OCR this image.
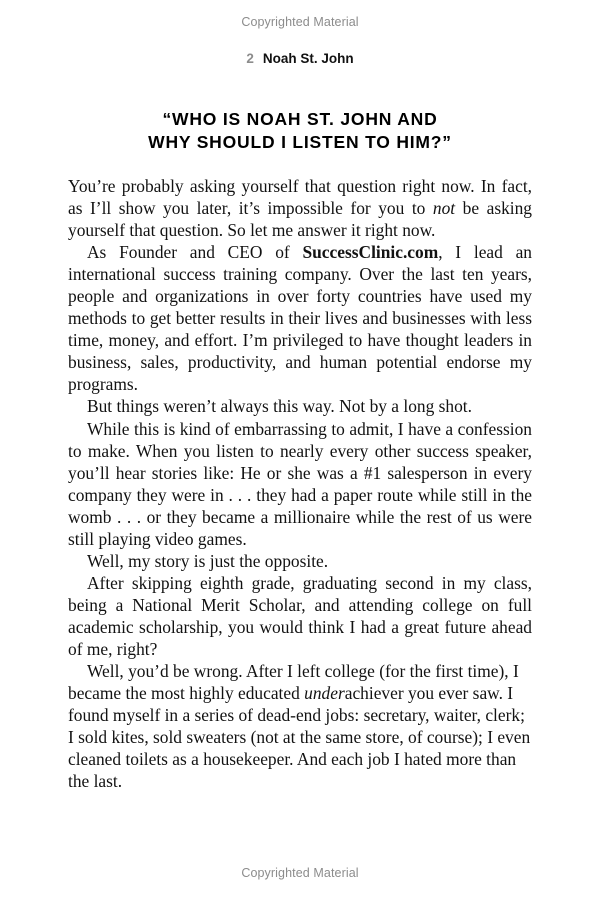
Copyrighted Material
2 Noah St. John
“WHO IS NOAH ST. JOHN AND
WHY SHOULD I LISTEN TO HIM?”

You’re probably asking yourself that question right now. In fact, as I’ll show you later, it’s impossible for you to not be asking yourself that question. So let me answer it right now.

As Founder and CEO of SuccessClinic.com, I lead an international success training company. Over the last ten years, people and organizations in over forty countries have used my methods to get better results in their lives and businesses with less time, money, and effort. I’m privileged to have thought leaders in business, sales, productivity, and human potential endorse my programs.

But things weren’t always this way. Not by a long shot.

While this is kind of embarrassing to admit, I have a confession to make. When you listen to nearly every other success speaker, you’ll hear stories like: He or she was a #1 salesperson in every company they were in . . . they had a paper route while still in the womb . . . or they became a millionaire while the rest of us were still playing video games.

Well, my story is just the opposite.

After skipping eighth grade, graduating second in my class, being a National Merit Scholar, and attending college on full academic scholarship, you would think I had a great future ahead of me, right?

Well, you’d be wrong. After I left college (for the first time), I became the most highly educated underachiever you ever saw. I found myself in a series of dead-end jobs: secretary, waiter, clerk; I sold kites, sold sweaters (not at the same store, of course); I even cleaned toilets as a housekeeper. And each job I hated more than the last.

Copyrighted Material
